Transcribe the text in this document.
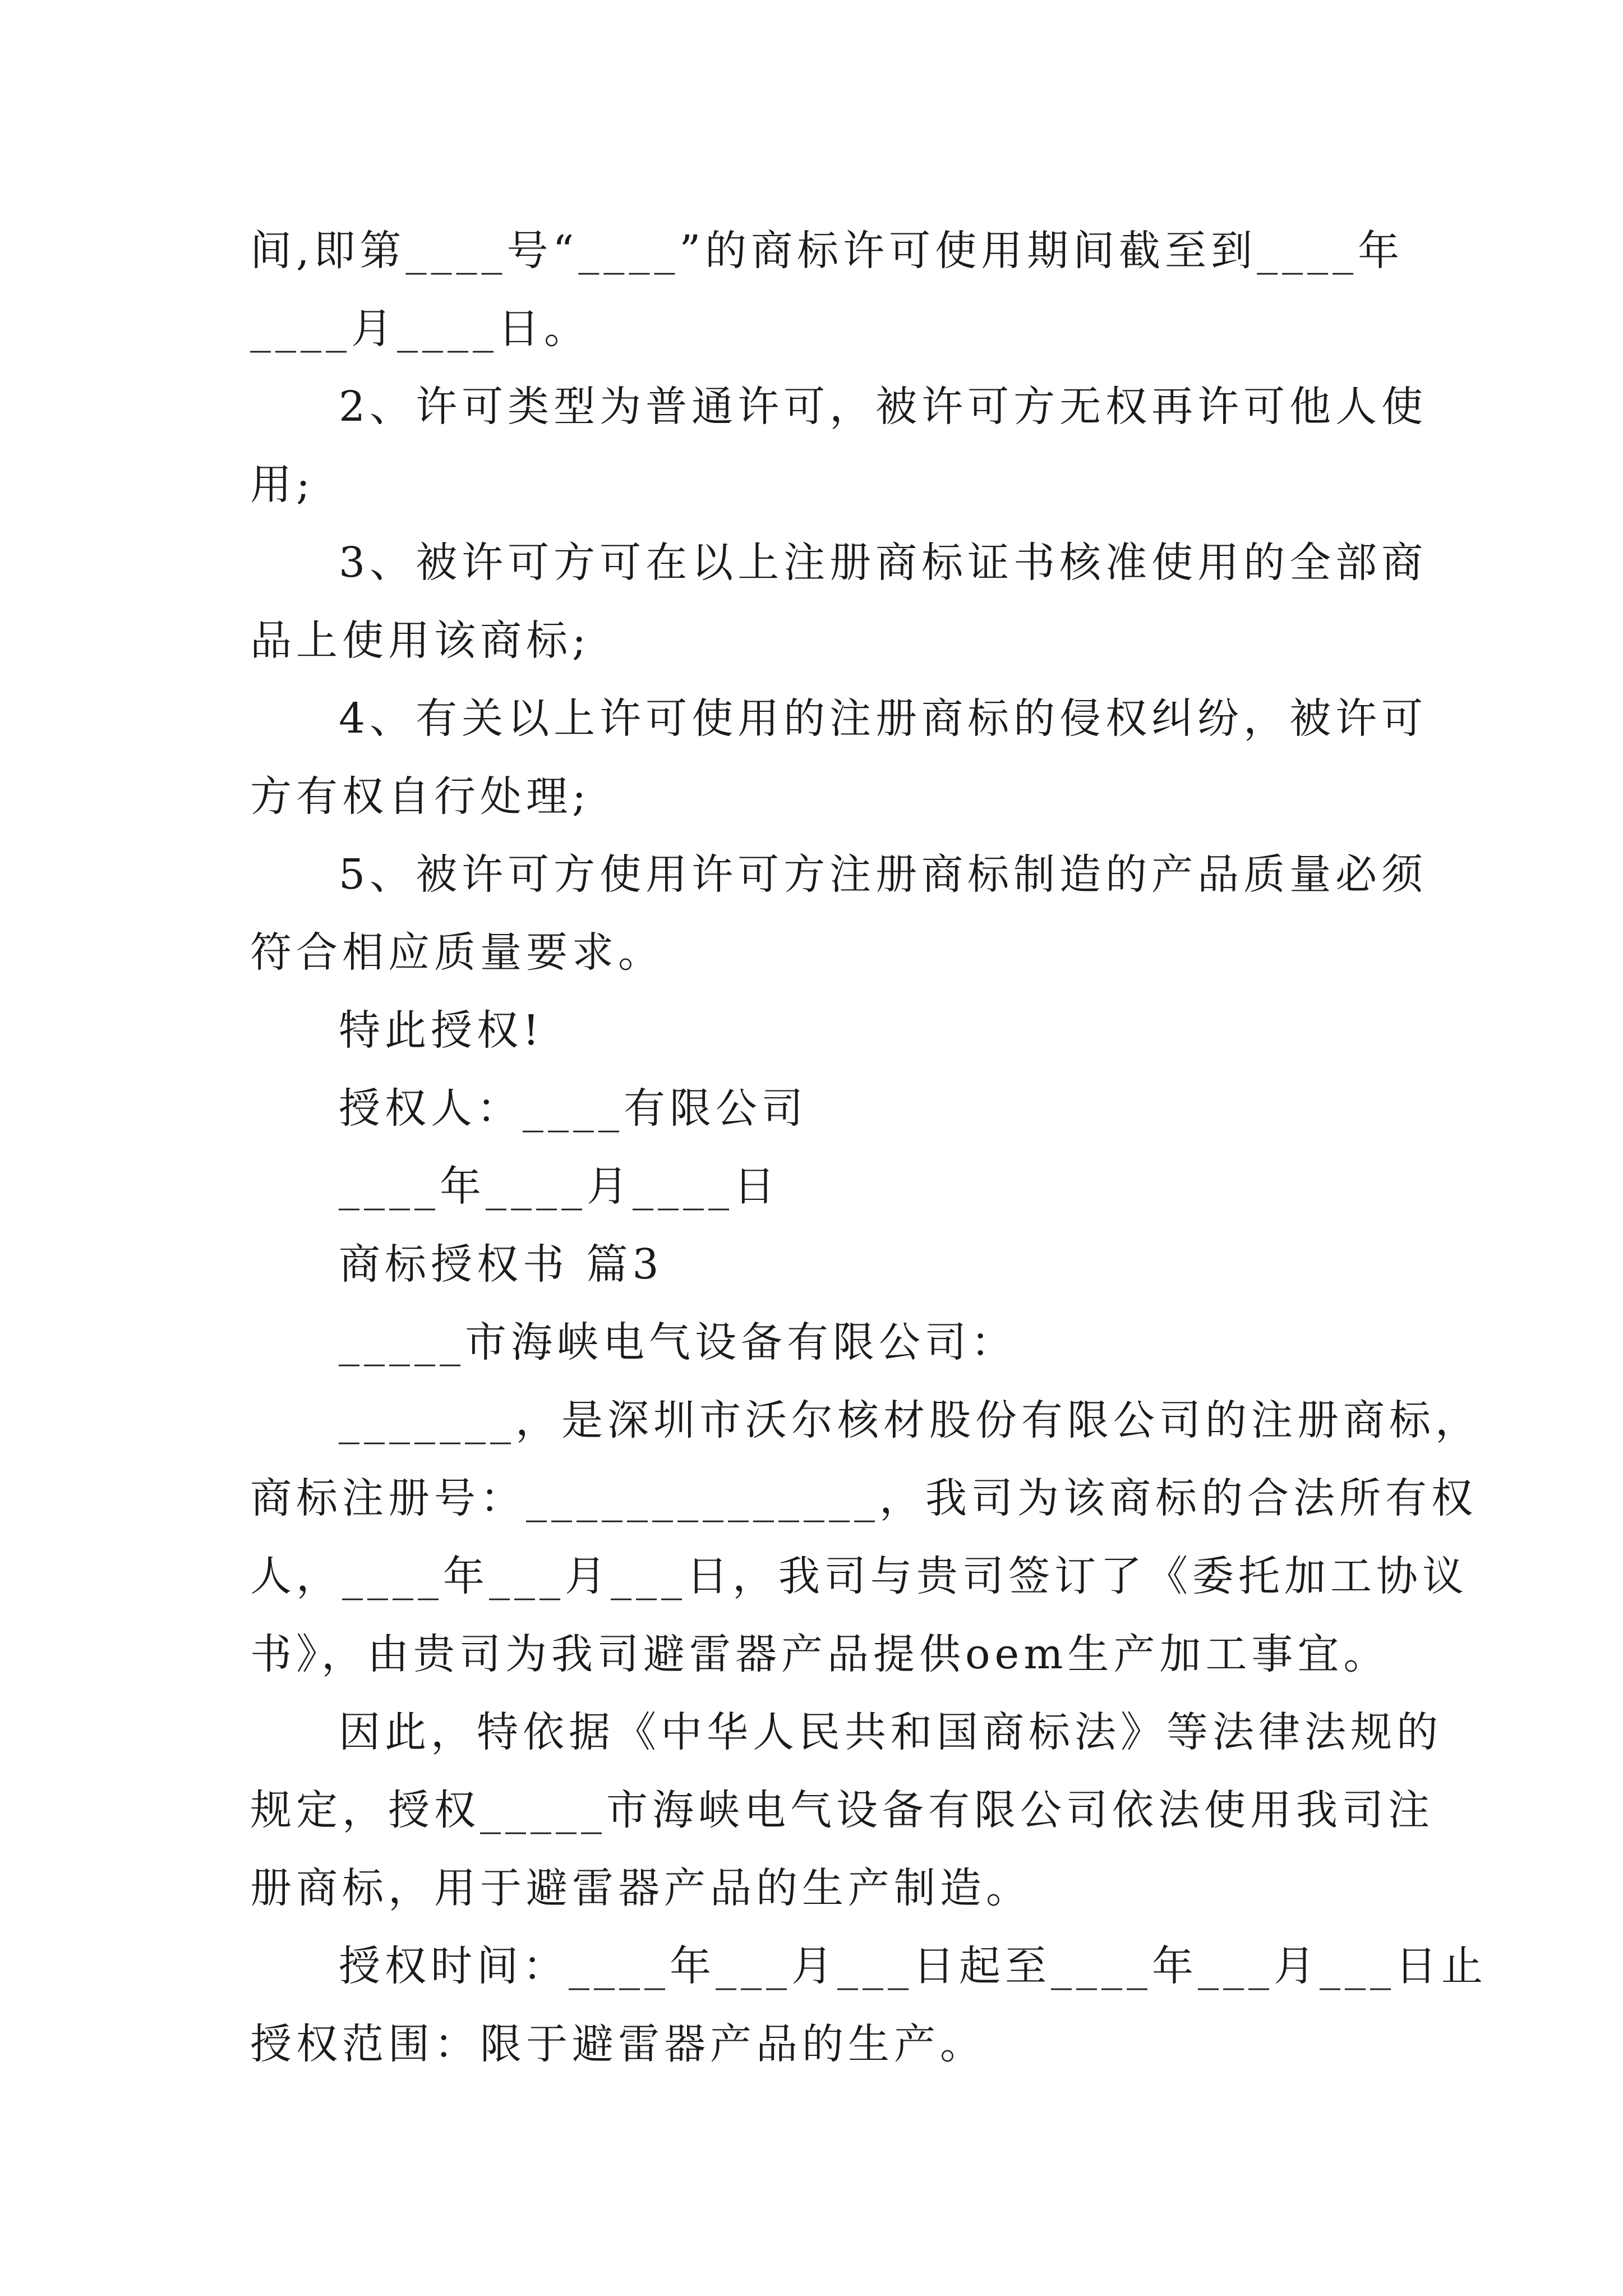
间,即第____号“____”的商标许可使用期间截至到____年
____月____日。
2、许可类型为普通许可，被许可方无权再许可他人使
用;
3、被许可方可在以上注册商标证书核准使用的全部商
品上使用该商标;
4、有关以上许可使用的注册商标的侵权纠纷，被许可
方有权自行处理;
5、被许可方使用许可方注册商标制造的产品质量必须
符合相应质量要求。
特此授权!
授权人：____有限公司
____年____月____日
商标授权书 篇3
_____市海峡电气设备有限公司：
_______，是深圳市沃尔核材股份有限公司的注册商标，
商标注册号：______________，我司为该商标的合法所有权
人，____年___月___日，我司与贵司签订了《委托加工协议
书》，由贵司为我司避雷器产品提供oem生产加工事宜。
因此，特依据《中华人民共和国商标法》等法律法规的
规定，授权_____市海峡电气设备有限公司依法使用我司注
册商标，用于避雷器产品的生产制造。
授权时间：____年___月___日起至____年___月___日止
授权范围：限于避雷器产品的生产。
